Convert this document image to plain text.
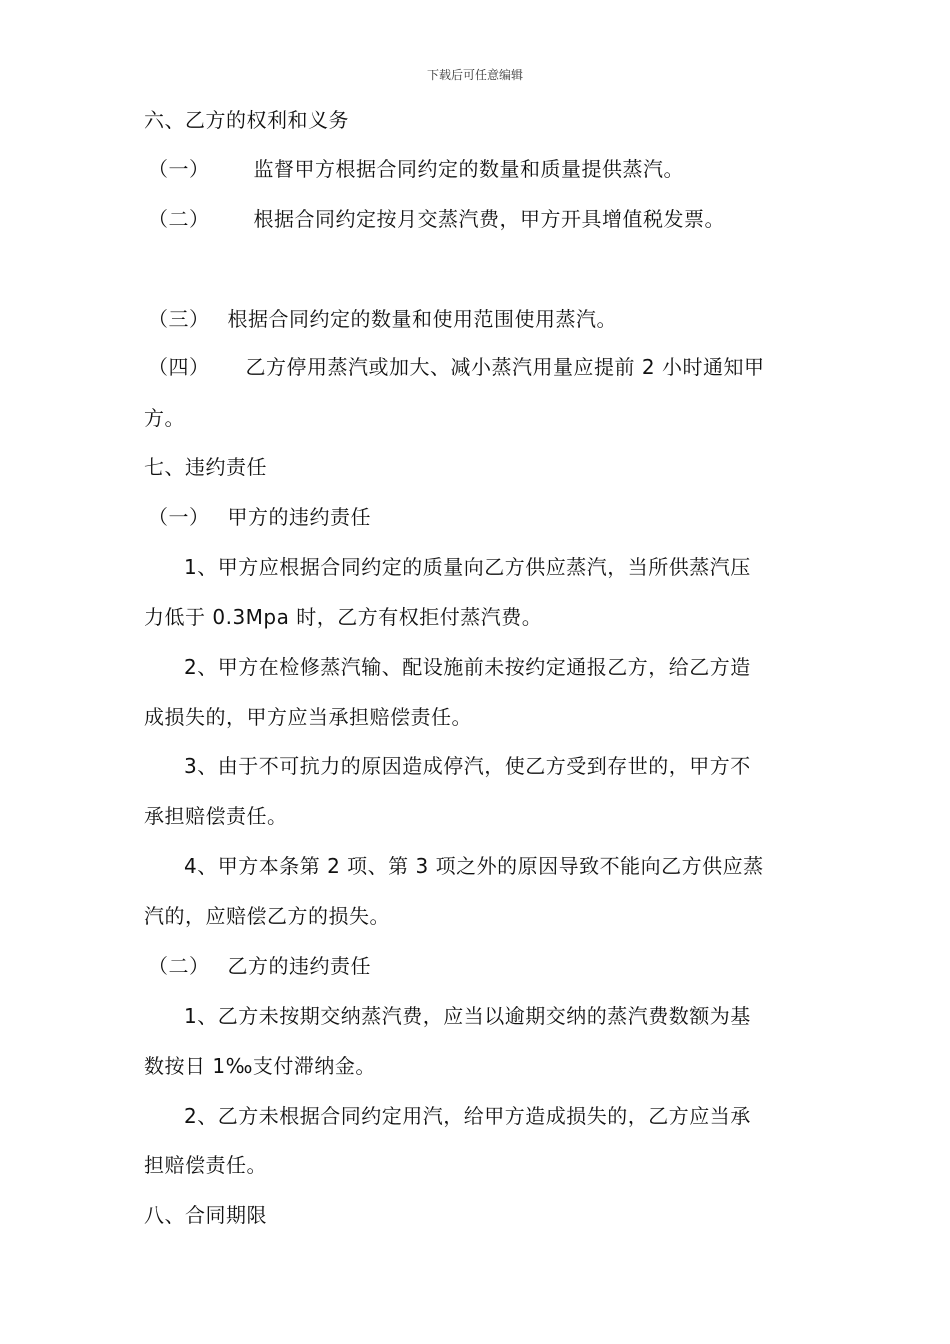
下载后可任意编辑
六、乙方的权利和义务
（一） 监督甲方根据合同约定的数量和质量提供蒸汽。
（二） 根据合同约定按月交蒸汽费，甲方开具增值税发票。
（三） 根据合同约定的数量和使用范围使用蒸汽。
（四） 乙方停用蒸汽或加大、减小蒸汽用量应提前 2 小时通知甲
方。
七、违约责任
（一） 甲方的违约责任
1、甲方应根据合同约定的质量向乙方供应蒸汽，当所供蒸汽压
力低于 0.3Mpa 时，乙方有权拒付蒸汽费。
2、甲方在检修蒸汽输、配设施前未按约定通报乙方，给乙方造
成损失的，甲方应当承担赔偿责任。
3、由于不可抗力的原因造成停汽，使乙方受到存世的，甲方不
承担赔偿责任。
4、甲方本条第 2 项、第 3 项之外的原因导致不能向乙方供应蒸
汽的，应赔偿乙方的损失。
（二） 乙方的违约责任
1、乙方未按期交纳蒸汽费，应当以逾期交纳的蒸汽费数额为基
数按日 1‰支付滞纳金。
2、乙方未根据合同约定用汽，给甲方造成损失的，乙方应当承
担赔偿责任。
八、合同期限
